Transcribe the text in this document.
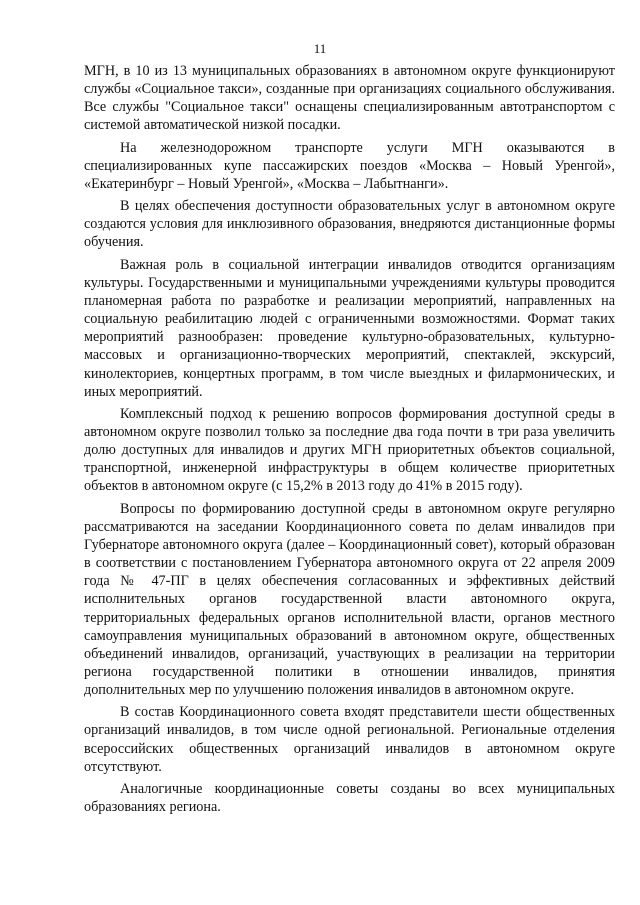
11

МГН, в 10 из 13 муниципальных образованиях в автономном округе функционируют службы «Социальное такси», созданные при организациях социального обслуживания. Все службы "Социальное такси" оснащены специализированным автотранспортом с системой автоматической низкой посадки.

На железнодорожном транспорте услуги МГН оказываются в специализированных купе пассажирских поездов «Москва – Новый Уренгой», «Екатеринбург – Новый Уренгой», «Москва – Лабытнанги».

В целях обеспечения доступности образовательных услуг в автономном округе создаются условия для инклюзивного образования, внедряются дистанционные формы обучения.

Важная роль в социальной интеграции инвалидов отводится организациям культуры. Государственными и муниципальными учреждениями культуры проводится планомерная работа по разработке и реализации мероприятий, направленных на социальную реабилитацию людей с ограниченными возможностями. Формат таких мероприятий разнообразен: проведение культурно-образовательных, культурно-массовых и организационно-творческих мероприятий, спектаклей, экскурсий, кинолекториев, концертных программ, в том числе выездных и филармонических, и иных мероприятий.

Комплексный подход к решению вопросов формирования доступной среды в автономном округе позволил только за последние два года почти в три раза увеличить долю доступных для инвалидов и других МГН приоритетных объектов социальной, транспортной, инженерной инфраструктуры в общем количестве приоритетных объектов в автономном округе (с 15,2% в 2013 году до 41% в 2015 году).

Вопросы по формированию доступной среды в автономном округе регулярно рассматриваются на заседании Координационного совета по делам инвалидов при Губернаторе автономного округа (далее – Координационный совет), который образован в соответствии с постановлением Губернатора автономного округа от 22 апреля 2009 года № 47-ПГ в целях обеспечения согласованных и эффективных действий исполнительных органов государственной власти автономного округа, территориальных федеральных органов исполнительной власти, органов местного самоуправления муниципальных образований в автономном округе, общественных объединений инвалидов, организаций, участвующих в реализации на территории региона государственной политики в отношении инвалидов, принятия дополнительных мер по улучшению положения инвалидов в автономном округе.

В состав Координационного совета входят представители шести общественных организаций инвалидов, в том числе одной региональной. Региональные отделения всероссийских общественных организаций инвалидов в автономном округе отсутствуют.

Аналогичные координационные советы созданы во всех муниципальных образованиях региона.
